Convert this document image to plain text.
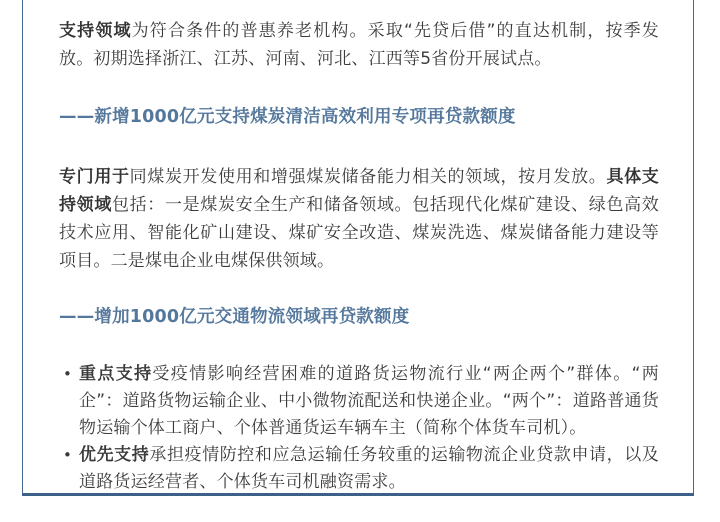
支持领域为符合条件的普惠养老机构。采取“先贷后借”的直达机制，按季发放。初期选择浙江、江苏、河南、河北、江西等5省份开展试点。

——新增1000亿元支持煤炭清洁高效利用专项再贷款额度

专门用于同煤炭开发使用和增强煤炭储备能力相关的领域，按月发放。具体支持领域包括：一是煤炭安全生产和储备领域。包括现代化煤矿建设、绿色高效技术应用、智能化矿山建设、煤矿安全改造、煤炭洗选、煤炭储备能力建设等项目。二是煤电企业电煤保供领域。

——增加1000亿元交通物流领域再贷款额度

• 重点支持受疫情影响经营困难的道路货运物流行业“两企两个”群体。“两企”：道路货物运输企业、中小微物流配送和快递企业。“两个”：道路普通货物运输个体工商户、个体普通货运车辆车主（简称个体货车司机）。
• 优先支持承担疫情防控和应急运输任务较重的运输物流企业贷款申请，以及道路货运经营者、个体货车司机融资需求。
